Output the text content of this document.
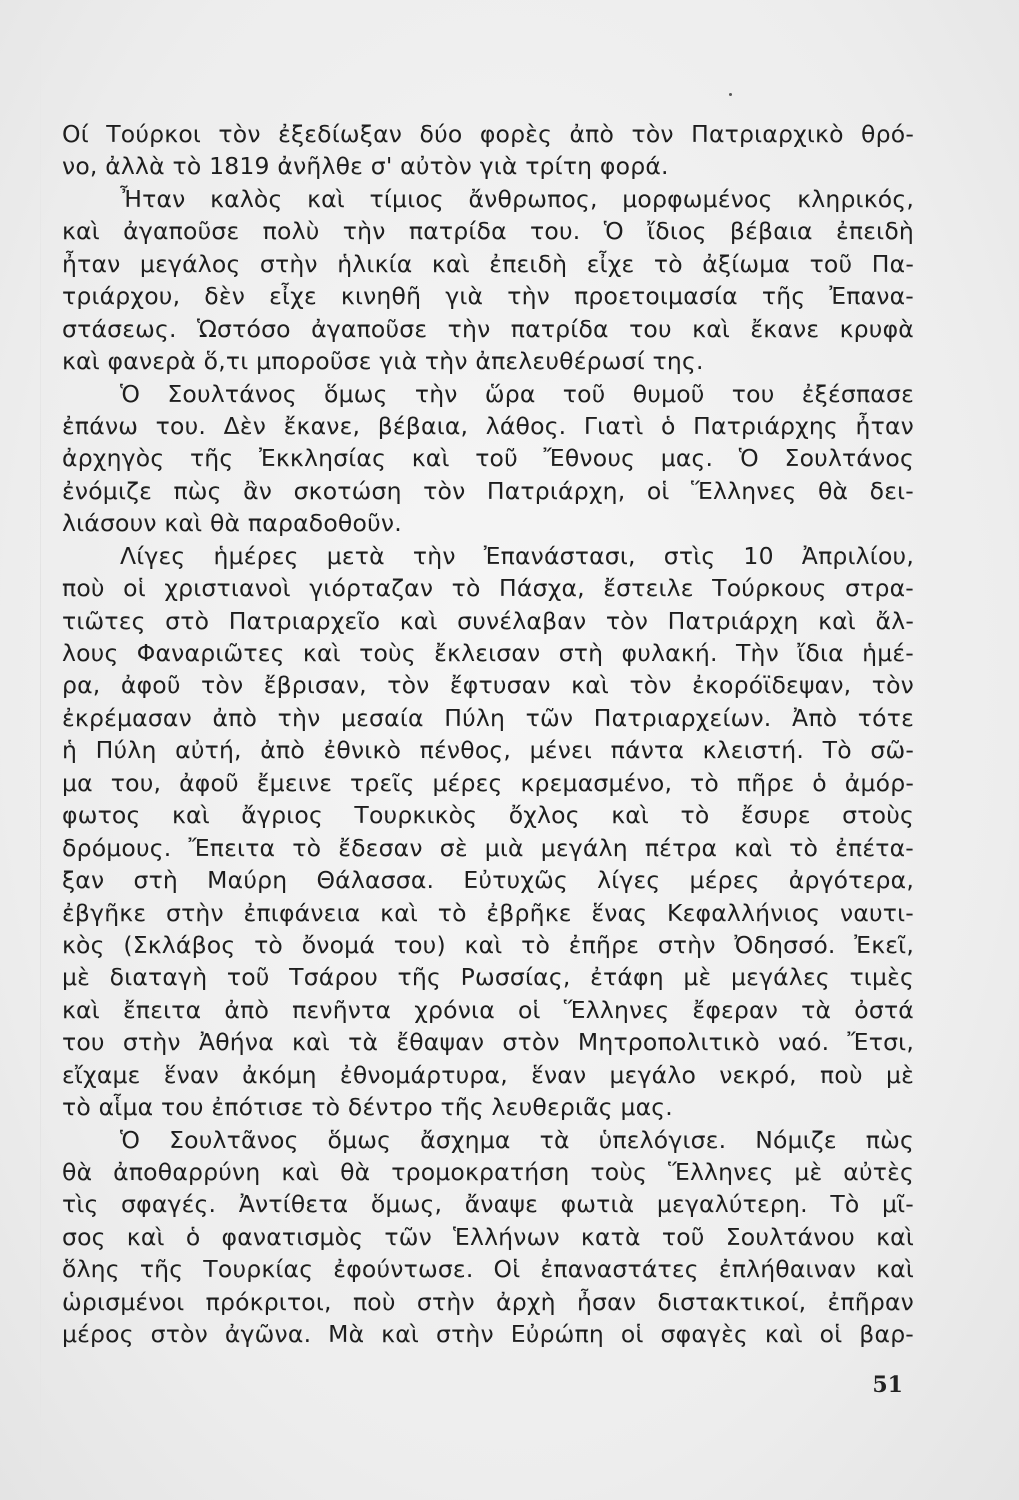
Οί Τούρκοι τὸν ἐξεδίωξαν δύο φορὲς ἀπὸ τὸν Πατριαρχικὸ θρό-
νο, ἀλλὰ τὸ 1819 ἀνῆλθε σ' αὐτὸν γιὰ τρίτη φορά.
Ἦταν καλὸς καὶ τίμιος ἄνθρωπος, μορφωμένος κληρικός,
καὶ ἀγαποῦσε πολὺ τὴν πατρίδα του. Ὁ ἴδιος βέβαια ἐπειδὴ
ἦταν μεγάλος στὴν ἡλικία καὶ ἐπειδὴ εἶχε τὸ ἀξίωμα τοῦ Πα-
τριάρχου, δὲν εἶχε κινηθῆ γιὰ τὴν προετοιμασία τῆς Ἐπανα-
στάσεως. Ὡστόσο ἀγαποῦσε τὴν πατρίδα του καὶ ἔκανε κρυφὰ
καὶ φανερὰ ὅ,τι μποροῦσε γιὰ τὴν ἀπελευθέρωσί της.
Ὁ Σουλτάνος ὅμως τὴν ὥρα τοῦ θυμοῦ του ἐξέσπασε
ἐπάνω του. Δὲν ἔκανε, βέβαια, λάθος. Γιατὶ ὁ Πατριάρχης ἦταν
ἀρχηγὸς τῆς Ἐκκλησίας καὶ τοῦ Ἔθνους μας. Ὁ Σουλτάνος
ἐνόμιζε πὼς ἂν σκοτώση τὸν Πατριάρχη, οἱ Ἕλληνες θὰ δει-
λιάσουν καὶ θὰ παραδοθοῦν.
Λίγες ἡμέρες μετὰ τὴν Ἐπανάστασι, στὶς 10 Ἀπριλίου,
ποὺ οἱ χριστιανοὶ γιόρταζαν τὸ Πάσχα, ἔστειλε Τούρκους στρα-
τιῶτες στὸ Πατριαρχεῖο καὶ συνέλαβαν τὸν Πατριάρχη καὶ ἄλ-
λους Φαναριῶτες καὶ τοὺς ἔκλεισαν στὴ φυλακή. Τὴν ἴδια ἡμέ-
ρα, ἀφοῦ τὸν ἔβρισαν, τὸν ἔφτυσαν καὶ τὸν ἐκορόϊδεψαν, τὸν
ἐκρέμασαν ἀπὸ τὴν μεσαία Πύλη τῶν Πατριαρχείων. Ἀπὸ τότε
ἡ Πύλη αὐτή, ἀπὸ ἐθνικὸ πένθος, μένει πάντα κλειστή. Τὸ σῶ-
μα του, ἀφοῦ ἔμεινε τρεῖς μέρες κρεμασμένο, τὸ πῆρε ὁ ἀμόρ-
φωτος καὶ ἄγριος Τουρκικὸς ὄχλος καὶ τὸ ἔσυρε στοὺς
δρόμους. Ἔπειτα τὸ ἔδεσαν σὲ μιὰ μεγάλη πέτρα καὶ τὸ ἐπέτα-
ξαν στὴ Μαύρη Θάλασσα. Εὐτυχῶς λίγες μέρες ἀργότερα,
ἐβγῆκε στὴν ἐπιφάνεια καὶ τὸ ἐβρῆκε ἕνας Κεφαλλήνιος ναυτι-
κὸς (Σκλάβος τὸ ὄνομά του) καὶ τὸ ἐπῆρε στὴν Ὀδησσό. Ἐκεῖ,
μὲ διαταγὴ τοῦ Τσάρου τῆς Ρωσσίας, ἐτάφη μὲ μεγάλες τιμὲς
καὶ ἔπειτα ἀπὸ πενῆντα χρόνια οἱ Ἕλληνες ἔφεραν τὰ ὀστά
του στὴν Ἀθήνα καὶ τὰ ἔθαψαν στὸν Μητροπολιτικὸ ναό. Ἔτσι,
εἴχαμε ἕναν ἀκόμη ἐθνομάρτυρα, ἕναν μεγάλο νεκρό, ποὺ μὲ
τὸ αἷμα του ἐπότισε τὸ δέντρο τῆς λευθεριᾶς μας.
Ὁ Σουλτᾶνος ὅμως ἄσχημα τὰ ὑπελόγισε. Νόμιζε πὼς
θὰ ἀποθαρρύνη καὶ θὰ τρομοκρατήση τοὺς Ἕλληνες μὲ αὐτὲς
τὶς σφαγές. Ἀντίθετα ὅμως, ἄναψε φωτιὰ μεγαλύτερη. Τὸ μῖ-
σος καὶ ὁ φανατισμὸς τῶν Ἑλλήνων κατὰ τοῦ Σουλτάνου καὶ
ὅλης τῆς Τουρκίας ἐφούντωσε. Οἱ ἐπαναστάτες ἐπλήθαιναν καὶ
ὡρισμένοι πρόκριτοι, ποὺ στὴν ἀρχὴ ἦσαν διστακτικοί, ἐπῆραν
μέρος στὸν ἀγῶνα. Μὰ καὶ στὴν Εὐρώπη οἱ σφαγὲς καὶ οἱ βαρ-
51
